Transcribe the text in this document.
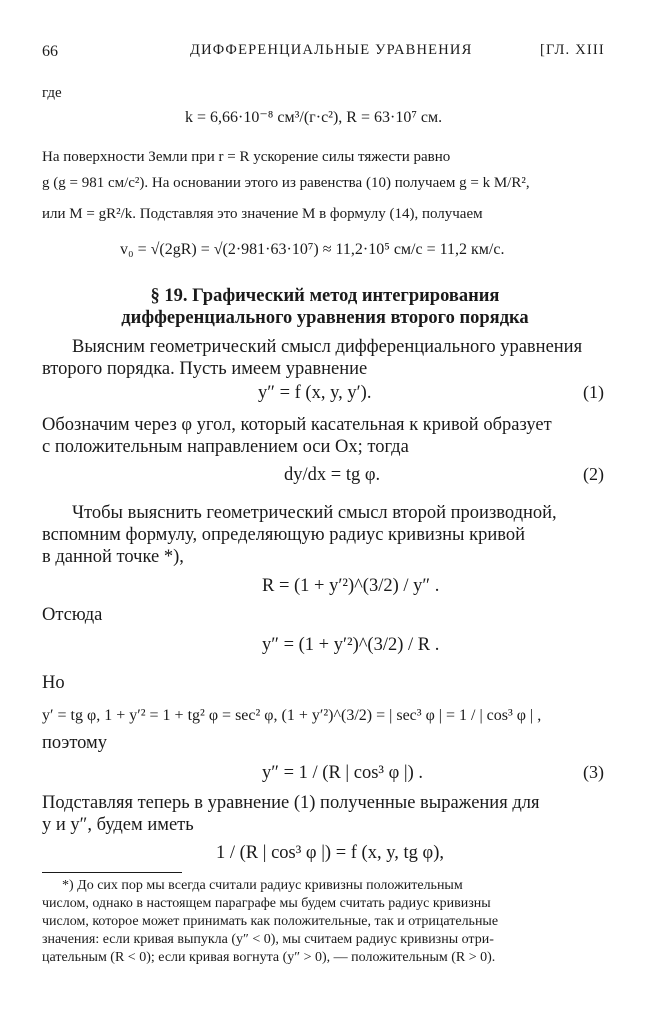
66	ДИФФЕРЕНЦИАЛЬНЫЕ УРАВНЕНИЯ	[ГЛ. XIII
где
k = 6,66·10⁻⁸ см³/(г·с²), R = 63·10⁷ см.
На поверхности Земли при r = R ускорение силы тяжести равно
g (g = 981 см/с²). На основании этого из равенства (10) получаем g = k M/R²,
или M = gR²/k. Подставляя это значение M в формулу (14), получаем
v₀ = √(2gR) = √(2·981·63·10⁷) ≈ 11,2·10⁵ см/с = 11,2 км/с.
§ 19. Графический метод интегрирования
дифференциального уравнения второго порядка
Выясним геометрический смысл дифференциального уравнения
второго порядка. Пусть имеем уравнение
y″ = f (x, y, y′).	(1)
Обозначим через φ угол, который касательная к кривой образует
с положительным направлением оси Ox; тогда
dy/dx = tg φ.	(2)
Чтобы выяснить геометрический смысл второй производной,
вспомним формулу, определяющую радиус кривизны кривой
в данной точке *),
R = (1 + y′²)^(3/2) / y″ .
Отсюда
y″ = (1 + y′²)^(3/2) / R .
Но
y′ = tg φ, 1 + y′² = 1 + tg² φ = sec² φ, (1 + y′²)^(3/2) = | sec³ φ | = 1 / | cos³ φ | ,
поэтому
y″ = 1 / (R | cos³ φ |) .	(3)
Подставляя теперь в уравнение (1) полученные выражения для
y и y″, будем иметь
1 / (R | cos³ φ |) = f (x, y, tg φ),
*) До сих пор мы всегда считали радиус кривизны положительным
числом, однако в настоящем параграфе мы будем считать радиус кривизны
числом, которое может принимать как положительные, так и отрицательные
значения: если кривая выпукла (y″ < 0), мы считаем радиус кривизны отри-
цательным (R < 0); если кривая вогнута (y″ > 0), — положительным (R > 0).
